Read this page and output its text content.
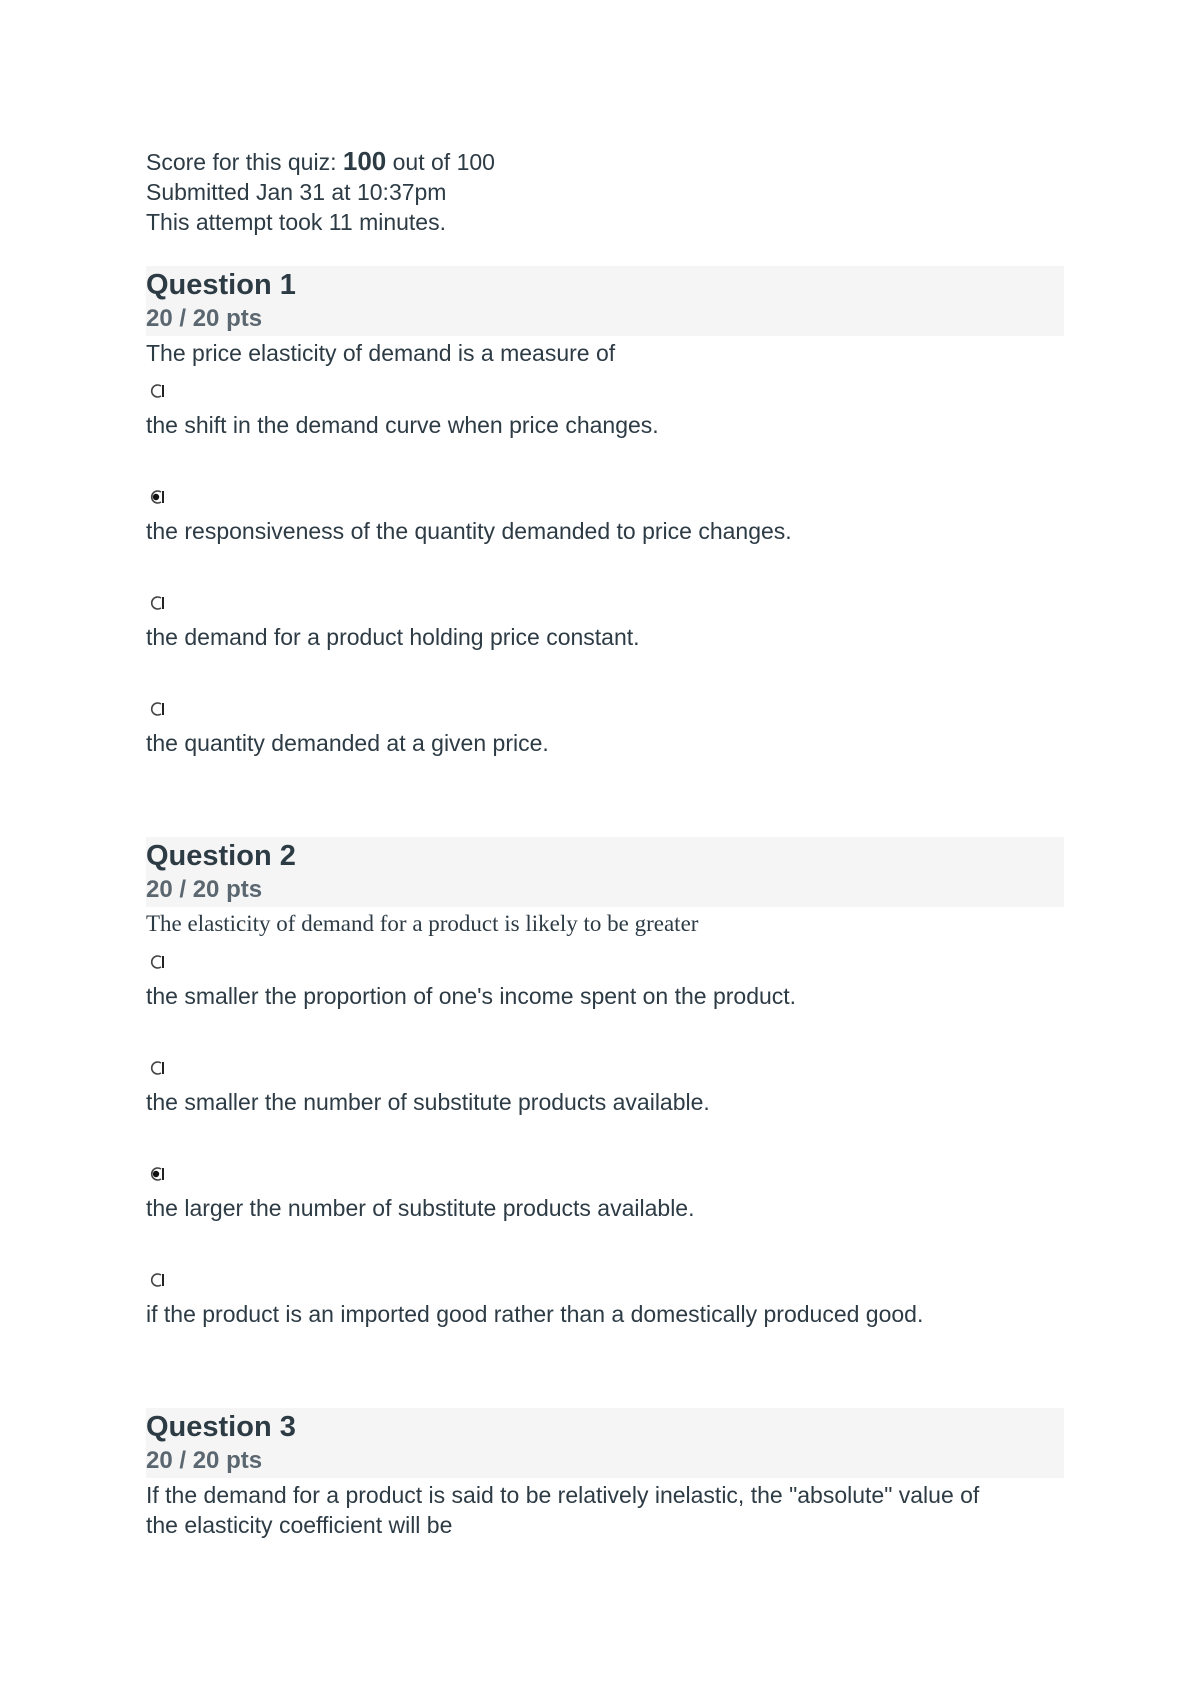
Score for this quiz: 100 out of 100
Submitted Jan 31 at 10:37pm
This attempt took 11 minutes.
Question 1
20 / 20 pts
The price elasticity of demand is a measure of
the shift in the demand curve when price changes.
the responsiveness of the quantity demanded to price changes.
the demand for a product holding price constant.
the quantity demanded at a given price.
Question 2
20 / 20 pts
The elasticity of demand for a product is likely to be greater
the smaller the proportion of one's income spent on the product.
the smaller the number of substitute products available.
the larger the number of substitute products available.
if the product is an imported good rather than a domestically produced good.
Question 3
20 / 20 pts
If the demand for a product is said to be relatively inelastic, the "absolute" value of
the elasticity coefficient will be
